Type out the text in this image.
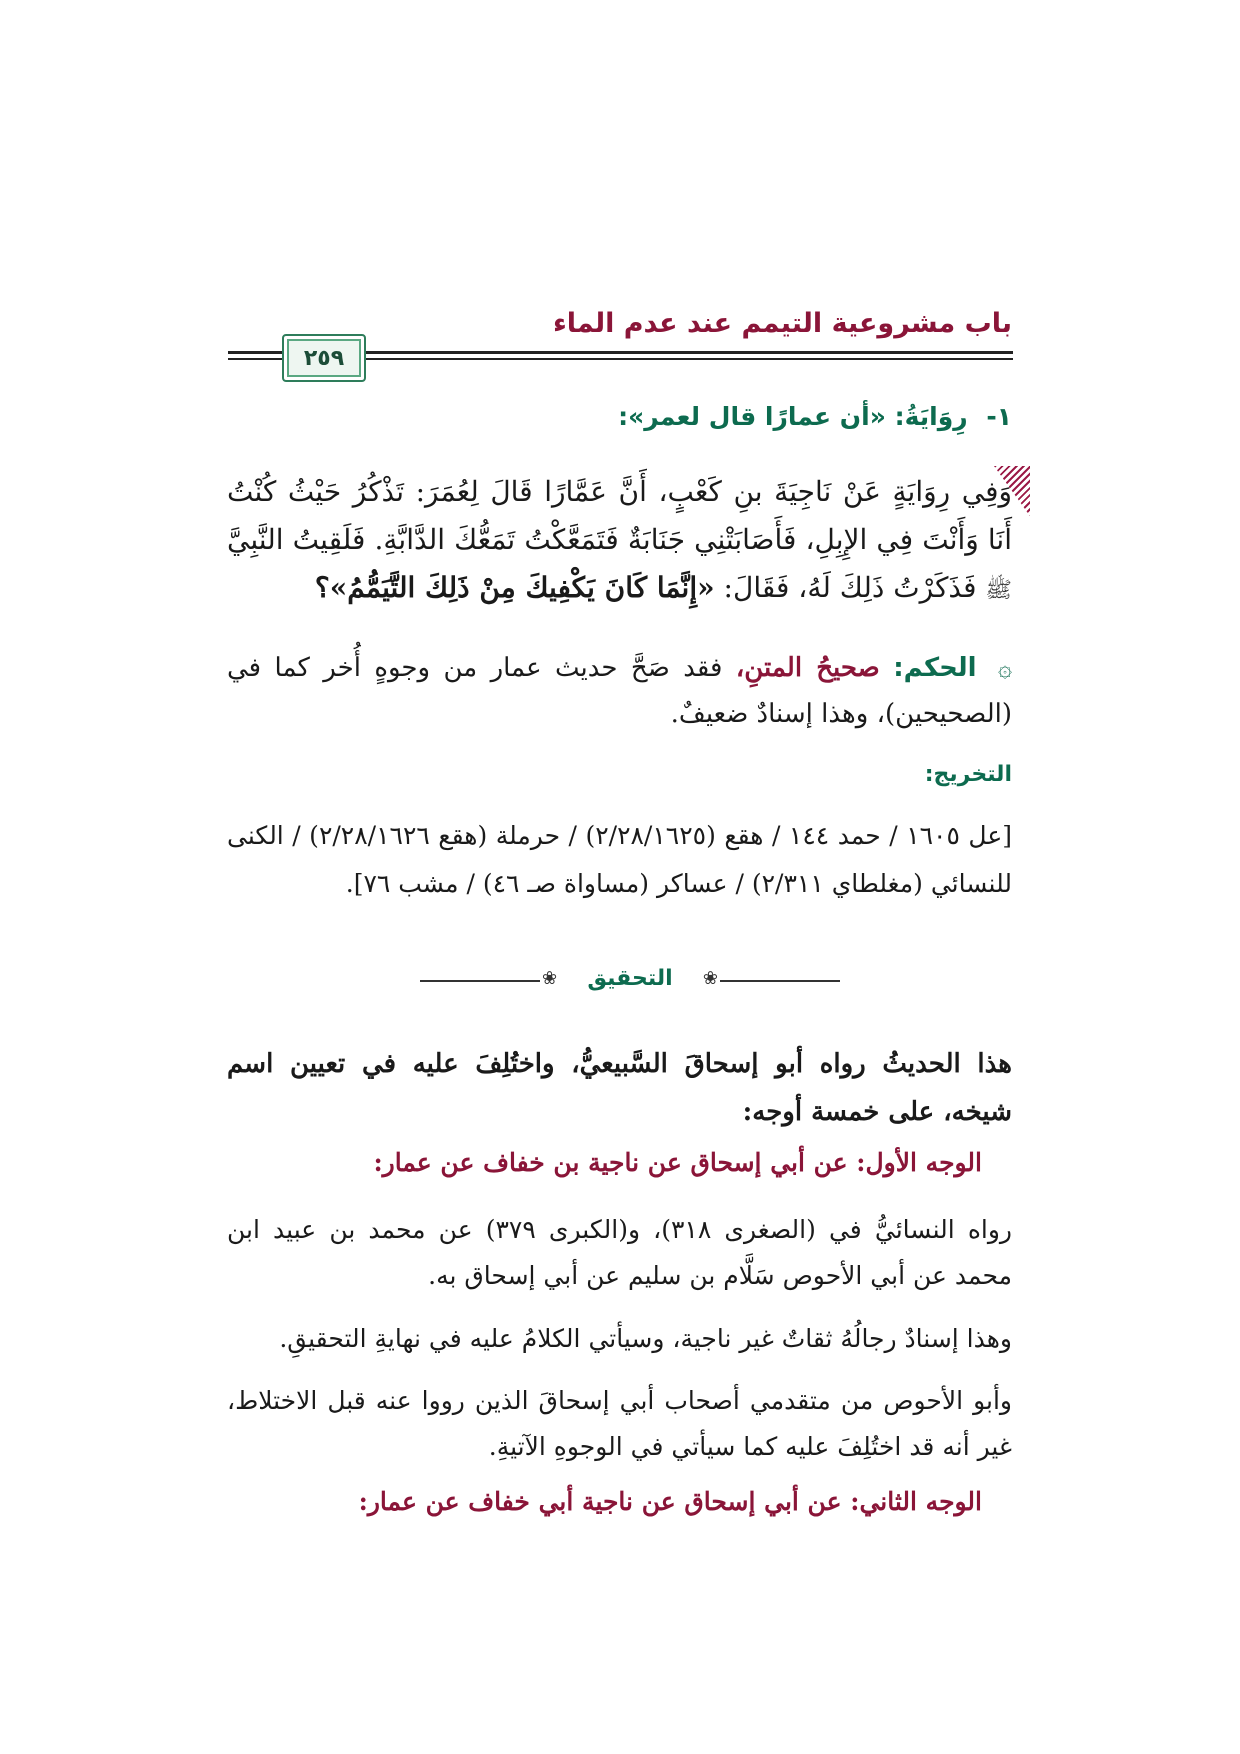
باب مشروعية التيمم عند عدم الماء
٢٥٩
١- رِوَايَةُ: «أن عمارًا قال لعمر»:
وَفِي رِوَايَةٍ عَنْ نَاجِيَةَ بنِ كَعْبٍ، أَنَّ عَمَّارًا قَالَ لِعُمَرَ: تَذْكُرُ حَيْثُ كُنْتُ أَنَا وَأَنْتَ فِي الإِبِلِ، فَأَصَابَتْنِي جَنَابَةٌ فَتَمَعَّكْتُ تَمَعُّكَ الدَّابَّةِ. فَلَقِيتُ النَّبِيَّ ﷺ فَذَكَرْتُ ذَلِكَ لَهُ، فَقَالَ: «إِنَّمَا كَانَ يَكْفِيكَ مِنْ ذَلِكَ التَّيَمُّمُ»؟
۞ الحكم: صحيحُ المتنِ، فقد صَحَّ حديث عمار من وجوهٍ أُخر كما في (الصحيحين)، وهذا إسنادٌ ضعيفٌ.
التخريج:
[عل ١٦٠٥ / حمد ١٤٤ / هقع (٢/٢٨/١٦٢٥) / حرملة (هقع ٢/٢٨/١٦٢٦) / الكنى للنسائي (مغلطاي ٢/٣١١) / عساكر (مساواة صـ ٤٦) / مشب ٧٦].
❀	❀
التحقيق
هذا الحديثُ رواه أبو إسحاقَ السَّبيعيُّ، واختُلِفَ عليه في تعيين اسم شيخه، على خمسة أوجه:
الوجه الأول: عن أبي إسحاق عن ناجية بن خفاف عن عمار:
رواه النسائيُّ في (الصغرى ٣١٨)، و(الكبرى ٣٧٩) عن محمد بن عبيد ابن محمد عن أبي الأحوص سَلَّام بن سليم عن أبي إسحاق به.
وهذا إسنادٌ رجالُهُ ثقاتٌ غير ناجية، وسيأتي الكلامُ عليه في نهايةِ التحقيقِ.
وأبو الأحوص من متقدمي أصحاب أبي إسحاقَ الذين رووا عنه قبل الاختلاط، غير أنه قد اختُلِفَ عليه كما سيأتي في الوجوهِ الآتيةِ.
الوجه الثاني: عن أبي إسحاق عن ناجية أبي خفاف عن عمار:
